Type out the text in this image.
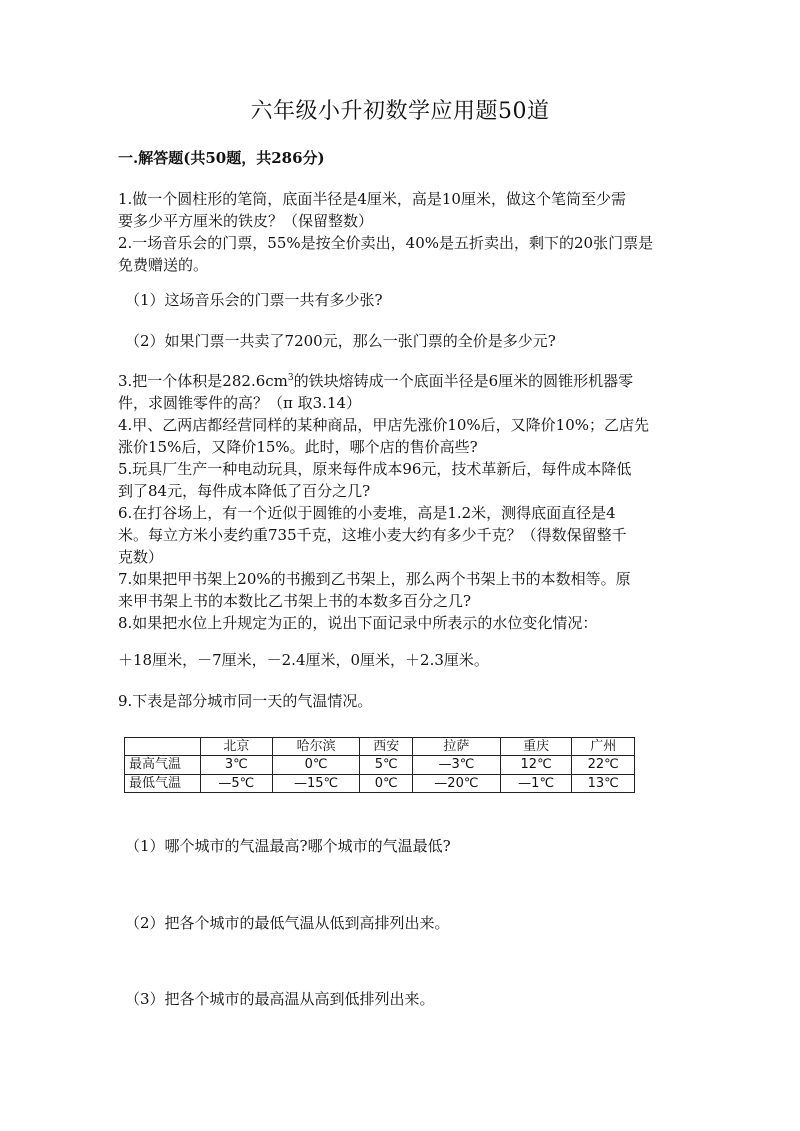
六年级小升初数学应用题50道
一.解答题(共50题，共286分)
1.做一个圆柱形的笔筒，底面半径是4厘米，高是10厘米，做这个笔筒至少需
要多少平方厘米的铁皮？（保留整数）
2.一场音乐会的门票，55%是按全价卖出，40%是五折卖出，剩下的20张门票是
免费赠送的。
（1）这场音乐会的门票一共有多少张?
（2）如果门票一共卖了7200元，那么一张门票的全价是多少元?
3.把一个体积是$282.6cm^3$的铁块熔铸成一个底面半径是6厘米的圆锥形机器零
件，求圆锥零件的高？（π 取3.14）
4.甲、乙两店都经营同样的某种商品，甲店先涨价10%后，又降价10%；乙店先
涨价15%后，又降价15%。此时，哪个店的售价高些?
5.玩具厂生产一种电动玩具，原来每件成本96元，技术革新后，每件成本降低
到了84元，每件成本降低了百分之几?
6.在打谷场上，有一个近似于圆锥的小麦堆，高是1.2米，测得底面直径是4
米。每立方米小麦约重735千克，这堆小麦大约有多少千克？（得数保留整千
克数）
7.如果把甲书架上20%的书搬到乙书架上，那么两个书架上书的本数相等。原
来甲书架上书的本数比乙书架上书的本数多百分之几?
8.如果把水位上升规定为正的，说出下面记录中所表示的水位变化情况：
＋18厘米，－7厘米，－2.4厘米，0厘米，＋2.3厘米。
9.下表是部分城市同一天的气温情况。
	北京	哈尔滨	西安	拉萨	重庆	广州
最高气温	3℃	0℃	5℃	—3℃	12℃	22℃
最低气温	—5℃	—15℃	0℃	—20℃	—1℃	13℃
（1）哪个城市的气温最高?哪个城市的气温最低?
（2）把各个城市的最低气温从低到高排列出来。
（3）把各个城市的最高温从高到低排列出来。
